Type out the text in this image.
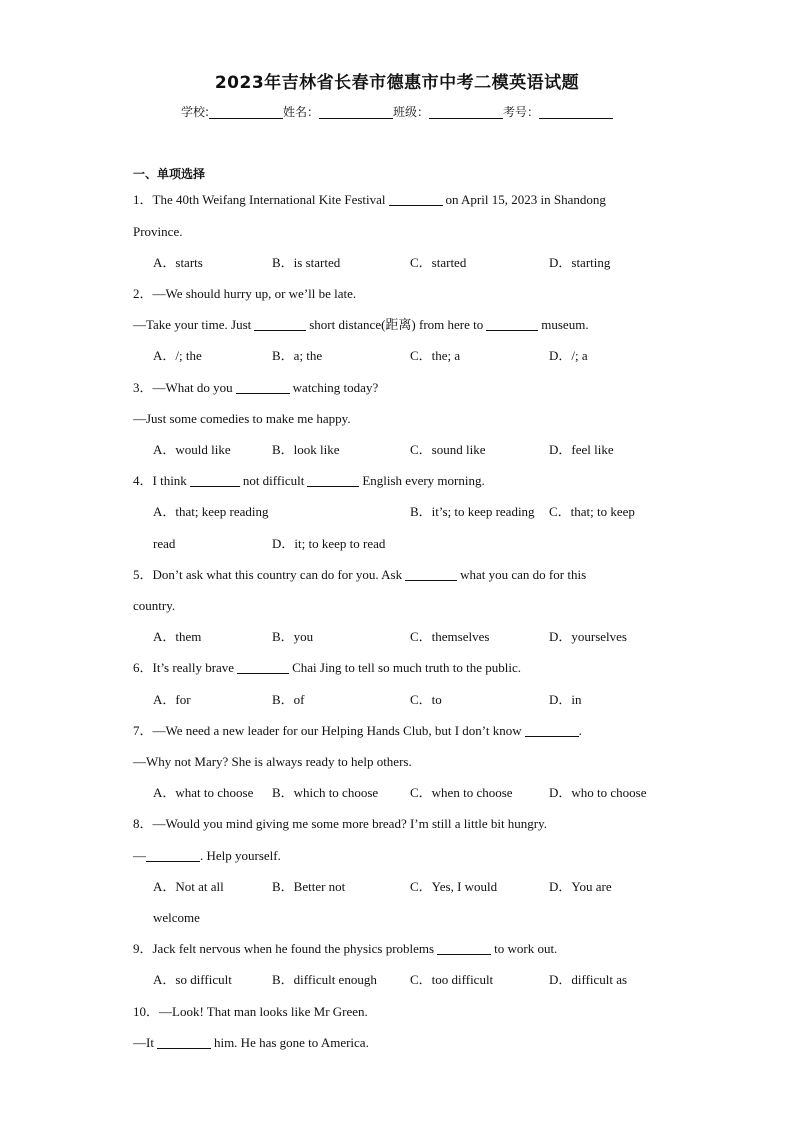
2023年吉林省长春市德惠市中考二模英语试题
学校:	姓名：	班级：	考号：
一、单项选择
1．The 40th Weifang International Kite Festival	on April 15, 2023 in Shandong
Province.
A．starts	B．is started	C．started	D．starting
2．—We should hurry up, or we’ll be late.
—Take your time. Just	short distance(距离) from here to	museum.
A．/; the	B．a; the	C．the; a	D．/; a
3．—What do you	watching today?
—Just some comedies to make me happy.
A．would like	B．look like	C．sound like	D．feel like
4．I think	not difficult	English every morning.
A．that; keep reading	B．it’s; to keep reading C．that; to keep
read	D．it; to keep to read
5．Don’t ask what this country can do for you. Ask	what you can do for this
country.
A．them	B．you	C．themselves	D．yourselves
6．It’s really brave	Chai Jing to tell so much truth to the public.
A．for	B．of	C．to	D．in
7．—We need a new leader for our Helping Hands Club, but I don’t know	.
—Why not Mary? She is always ready to help others.
A．what to choose B．which to choose C．when to choose	D．who to choose
8．—Would you mind giving me some more bread? I’m still a little bit hungry.
—	. Help yourself.
A．Not at all	B．Better not	C．Yes, I would	D．You are
welcome
9．Jack felt nervous when he found the physics problems	to work out.
A．so difficult	B．difficult enough	C．too difficult	D．difficult as
10．—Look! That man looks like Mr Green.
—It	him. He has gone to America.
